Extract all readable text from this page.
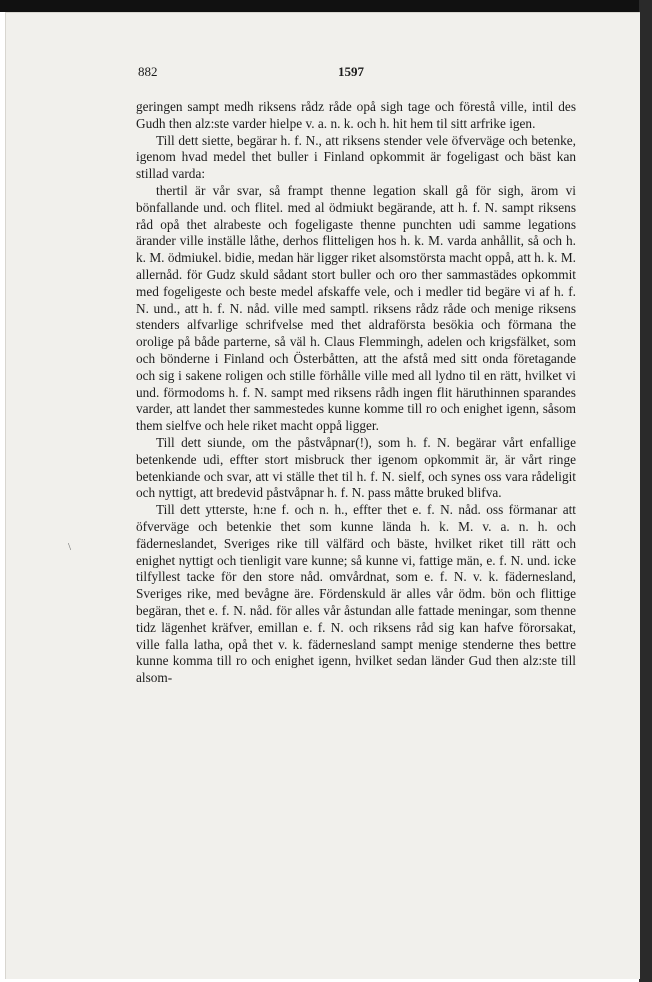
882	1597
\

geringen sampt medh riksens rådz råde opå sigh tage och förestå ville, intil des Gudh then alz:ste varder hielpe v. a. n. k. och h. hit hem til sitt arfrike igen.

Till dett siette, begärar h. f. N., att riksens stender vele öfverväge och betenke, igenom hvad medel thet buller i Finland opkommit är fogeligast och bäst kan stillad varda:

thertil är vår svar, så frampt thenne legation skall gå för sigh, ärom vi bönfallande und. och flitel. med al ödmiukt begärande, att h. f. N. sampt riksens råd opå thet alrabeste och fogeligaste thenne punchten udi samme legations ärander ville inställe låthe, derhos flitteligen hos h. k. M. varda anhållit, så och h. k. M. ödmiukel. bidie, medan här ligger riket alsomstörsta macht oppå, att h. k. M. allernåd. för Gudz skuld sådant stort buller och oro ther sammastädes opkommit med fogeligeste och beste medel afskaffe vele, och i medler tid begäre vi af h. f. N. und., att h. f. N. nåd. ville med samptl. riksens rådz råde och menige riksens stenders alfvarlige schrifvelse med thet aldraförsta besökia och förmana the orolige på både parterne, så väl h. Claus Flemmingh, adelen och krigsfälket, som och bönderne i Finland och Österbåtten, att the afstå med sitt onda företagande och sig i sakene roligen och stille förhålle ville med all lydno til en rätt, hvilket vi und. förmodoms h. f. N. sampt med riksens rådh ingen flit häruthinnen sparandes varder, att landet ther sammestedes kunne komme till ro och enighet igenn, såsom them sielfve och hele riket macht oppå ligger.

Till dett siunde, om the påstvåpnar(!), som h. f. N. begärar vårt enfallige betenkende udi, effter stort misbruck ther igenom opkommit är, är vårt ringe betenkiande och svar, att vi ställe thet til h. f. N. sielf, och synes oss vara rådeligit och nyttigt, att bredevid påstvåpnar h. f. N. pass måtte bruked blifva.

Till dett ytterste, h:ne f. och n. h., effter thet e. f. N. nåd. oss förmanar att öfverväge och betenkie thet som kunne lända h. k. M. v. a. n. h. och fäderneslandet, Sveriges rike till välfärd och bäste, hvilket riket till rätt och enighet nyttigt och tienligit vare kunne; så kunne vi, fattige män, e. f. N. und. icke tilfyllest tacke för den store nåd. omvårdnat, som e. f. N. v. k. fädernesland, Sveriges rike, med bevågne äre. Fördenskuld är alles vår ödm. bön och flittige begäran, thet e. f. N. nåd. för alles vår åstundan alle fattade meningar, som thenne tidz lägenhet kräfver, emillan e. f. N. och riksens råd sig kan hafve förorsakat, ville falla latha, opå thet v. k. fädernesland sampt menige stenderne thes bettre kunne komma till ro och enighet igenn, hvilket sedan länder Gud then alz:ste till alsom-
